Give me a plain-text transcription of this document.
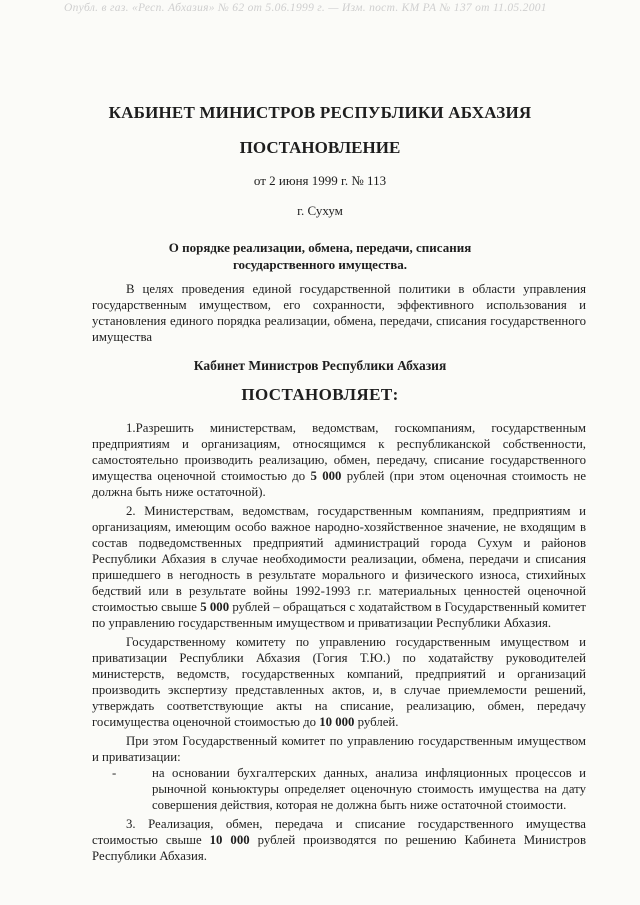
Опубл. в газ. «Респ. Абхазия» № 62 от 5.06.1999 г. — Изм. пост. КМ РА № 137 от 11.05.2001
КАБИНЕТ МИНИСТРОВ РЕСПУБЛИКИ АБХАЗИЯ
ПОСТАНОВЛЕНИЕ
от 2 июня 1999 г. № 113
г. Сухум
О порядке реализации, обмена, передачи, списания
государственного имущества.

В целях проведения единой государственной политики в области управления государственным имуществом, его сохранности, эффективного использования и установления единого порядка реализации, обмена, передачи, списания государственного имущества

Кабинет Министров Республики Абхазия
ПОСТАНОВЛЯЕТ:

1.Разрешить министерствам, ведомствам, госкомпаниям, государственным предприятиям и организациям, относящимся к республиканской собственности, самостоятельно производить реализацию, обмен, передачу, списание государственного имущества оценочной стоимостью до 5 000 рублей (при этом оценочная стоимость не должна быть ниже остаточной).

2. Министерствам, ведомствам, государственным компаниям, предприятиям и организациям, имеющим особо важное народно-хозяйственное значение, не входящим в состав подведомственных предприятий администраций города Сухум и районов Республики Абхазия в случае необходимости реализации, обмена, передачи и списания пришедшего в негодность в результате морального и физического износа, стихийных бедствий или в результате войны 1992-1993 г.г. материальных ценностей оценочной стоимостью свыше 5 000 рублей – обращаться с ходатайством в Государственный комитет по управлению государственным имуществом и приватизации Республики Абхазия.

Государственному комитету по управлению государственным имуществом и приватизации Республики Абхазия (Гогия Т.Ю.) по ходатайству руководителей министерств, ведомств, государственных компаний, предприятий и организаций производить экспертизу представленных актов, и, в случае приемлемости решений, утверждать соответствующие акты на списание, реализацию, обмен, передачу госимущества оценочной стоимостью до 10 000 рублей.

При этом Государственный комитет по управлению государственным имуществом и приватизации:

-	на основании бухгалтерских данных, анализа инфляционных процессов и рыночной коньюктуры определяет оценочную стоимость имущества на дату совершения действия, которая не должна быть ниже остаточной стоимости.

3. Реализация, обмен, передача и списание государственного имущества стоимостью свыше 10 000 рублей производятся по решению Кабинета Министров Республики Абхазия.
